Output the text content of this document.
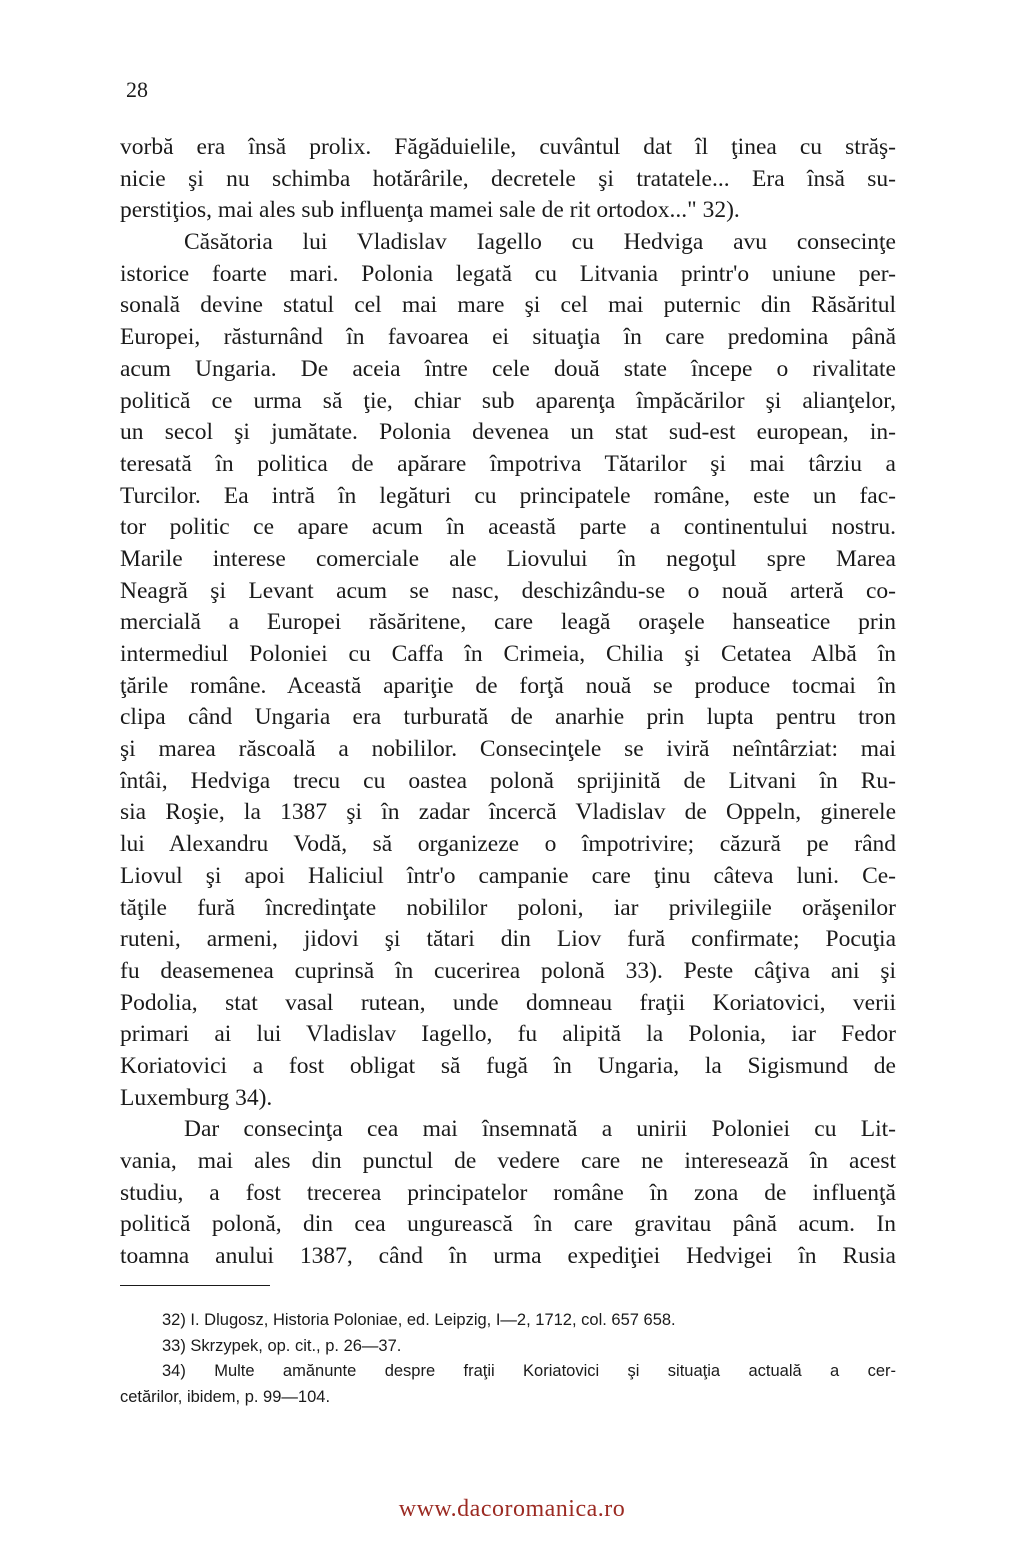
28
vorbă era însă prolix. Făgăduielile, cuvântul dat îl ţinea cu străş-
nicie şi nu schimba hotărârile, decretele şi tratatele... Era însă su-
perstiţios, mai ales sub influenţa mamei sale de rit ortodox..." 32).
Căsătoria lui Vladislav Iagello cu Hedviga avu consecinţe
istorice foarte mari. Polonia legată cu Litvania printr'o uniune per-
sonală devine statul cel mai mare şi cel mai puternic din Răsăritul
Europei, răsturnând în favoarea ei situaţia în care predomina până
acum Ungaria. De aceia între cele două state începe o rivalitate
politică ce urma să ţie, chiar sub aparenţa împăcărilor şi alianţelor,
un secol şi jumătate. Polonia devenea un stat sud-est european, in-
teresată în politica de apărare împotriva Tătarilor şi mai târziu a
Turcilor. Ea intră în legături cu principatele române, este un fac-
tor politic ce apare acum în această parte a continentului nostru.
Marile interese comerciale ale Liovului în negoţul spre Marea
Neagră şi Levant acum se nasc, deschizându-se o nouă arteră co-
mercială a Europei răsăritene, care leagă oraşele hanseatice prin
intermediul Poloniei cu Caffa în Crimeia, Chilia şi Cetatea Albă în
ţările române. Această apariţie de forţă nouă se produce tocmai în
clipa când Ungaria era turburată de anarhie prin lupta pentru tron
şi marea răscoală a nobililor. Consecinţele se iviră neîntârziat: mai
întâi, Hedviga trecu cu oastea polonă sprijinită de Litvani în Ru-
sia Roşie, la 1387 şi în zadar încercă Vladislav de Oppeln, ginerele
lui Alexandru Vodă, să organizeze o împotrivire; căzură pe rând
Liovul şi apoi Haliciul într'o campanie care ţinu câteva luni. Ce-
tăţile fură încredinţate nobililor poloni, iar privilegiile orăşenilor
ruteni, armeni, jidovi şi tătari din Liov fură confirmate; Pocuţia
fu deasemenea cuprinsă în cucerirea polonă 33). Peste câţiva ani şi
Podolia, stat vasal rutean, unde domneau fraţii Koriatovici, verii
primari ai lui Vladislav Iagello, fu alipită la Polonia, iar Fedor
Koriatovici a fost obligat să fugă în Ungaria, la Sigismund de
Luxemburg 34).
Dar consecinţa cea mai însemnată a unirii Poloniei cu Lit-
vania, mai ales din punctul de vedere care ne interesează în acest
studiu, a fost trecerea principatelor române în zona de influenţă
politică polonă, din cea ungurească în care gravitau până acum. In
toamna anului 1387, când în urma expediţiei Hedvigei în Rusia
32) I. Dlugosz, Historia Poloniae, ed. Leipzig, I—2, 1712, col. 657 658.
33) Skrzypek, op. cit., p. 26—37.
34) Multe amănunte despre fraţii Koriatovici şi situaţia actuală a cer-
cetărilor, ibidem, p. 99—104.
www.dacoromanica.ro
